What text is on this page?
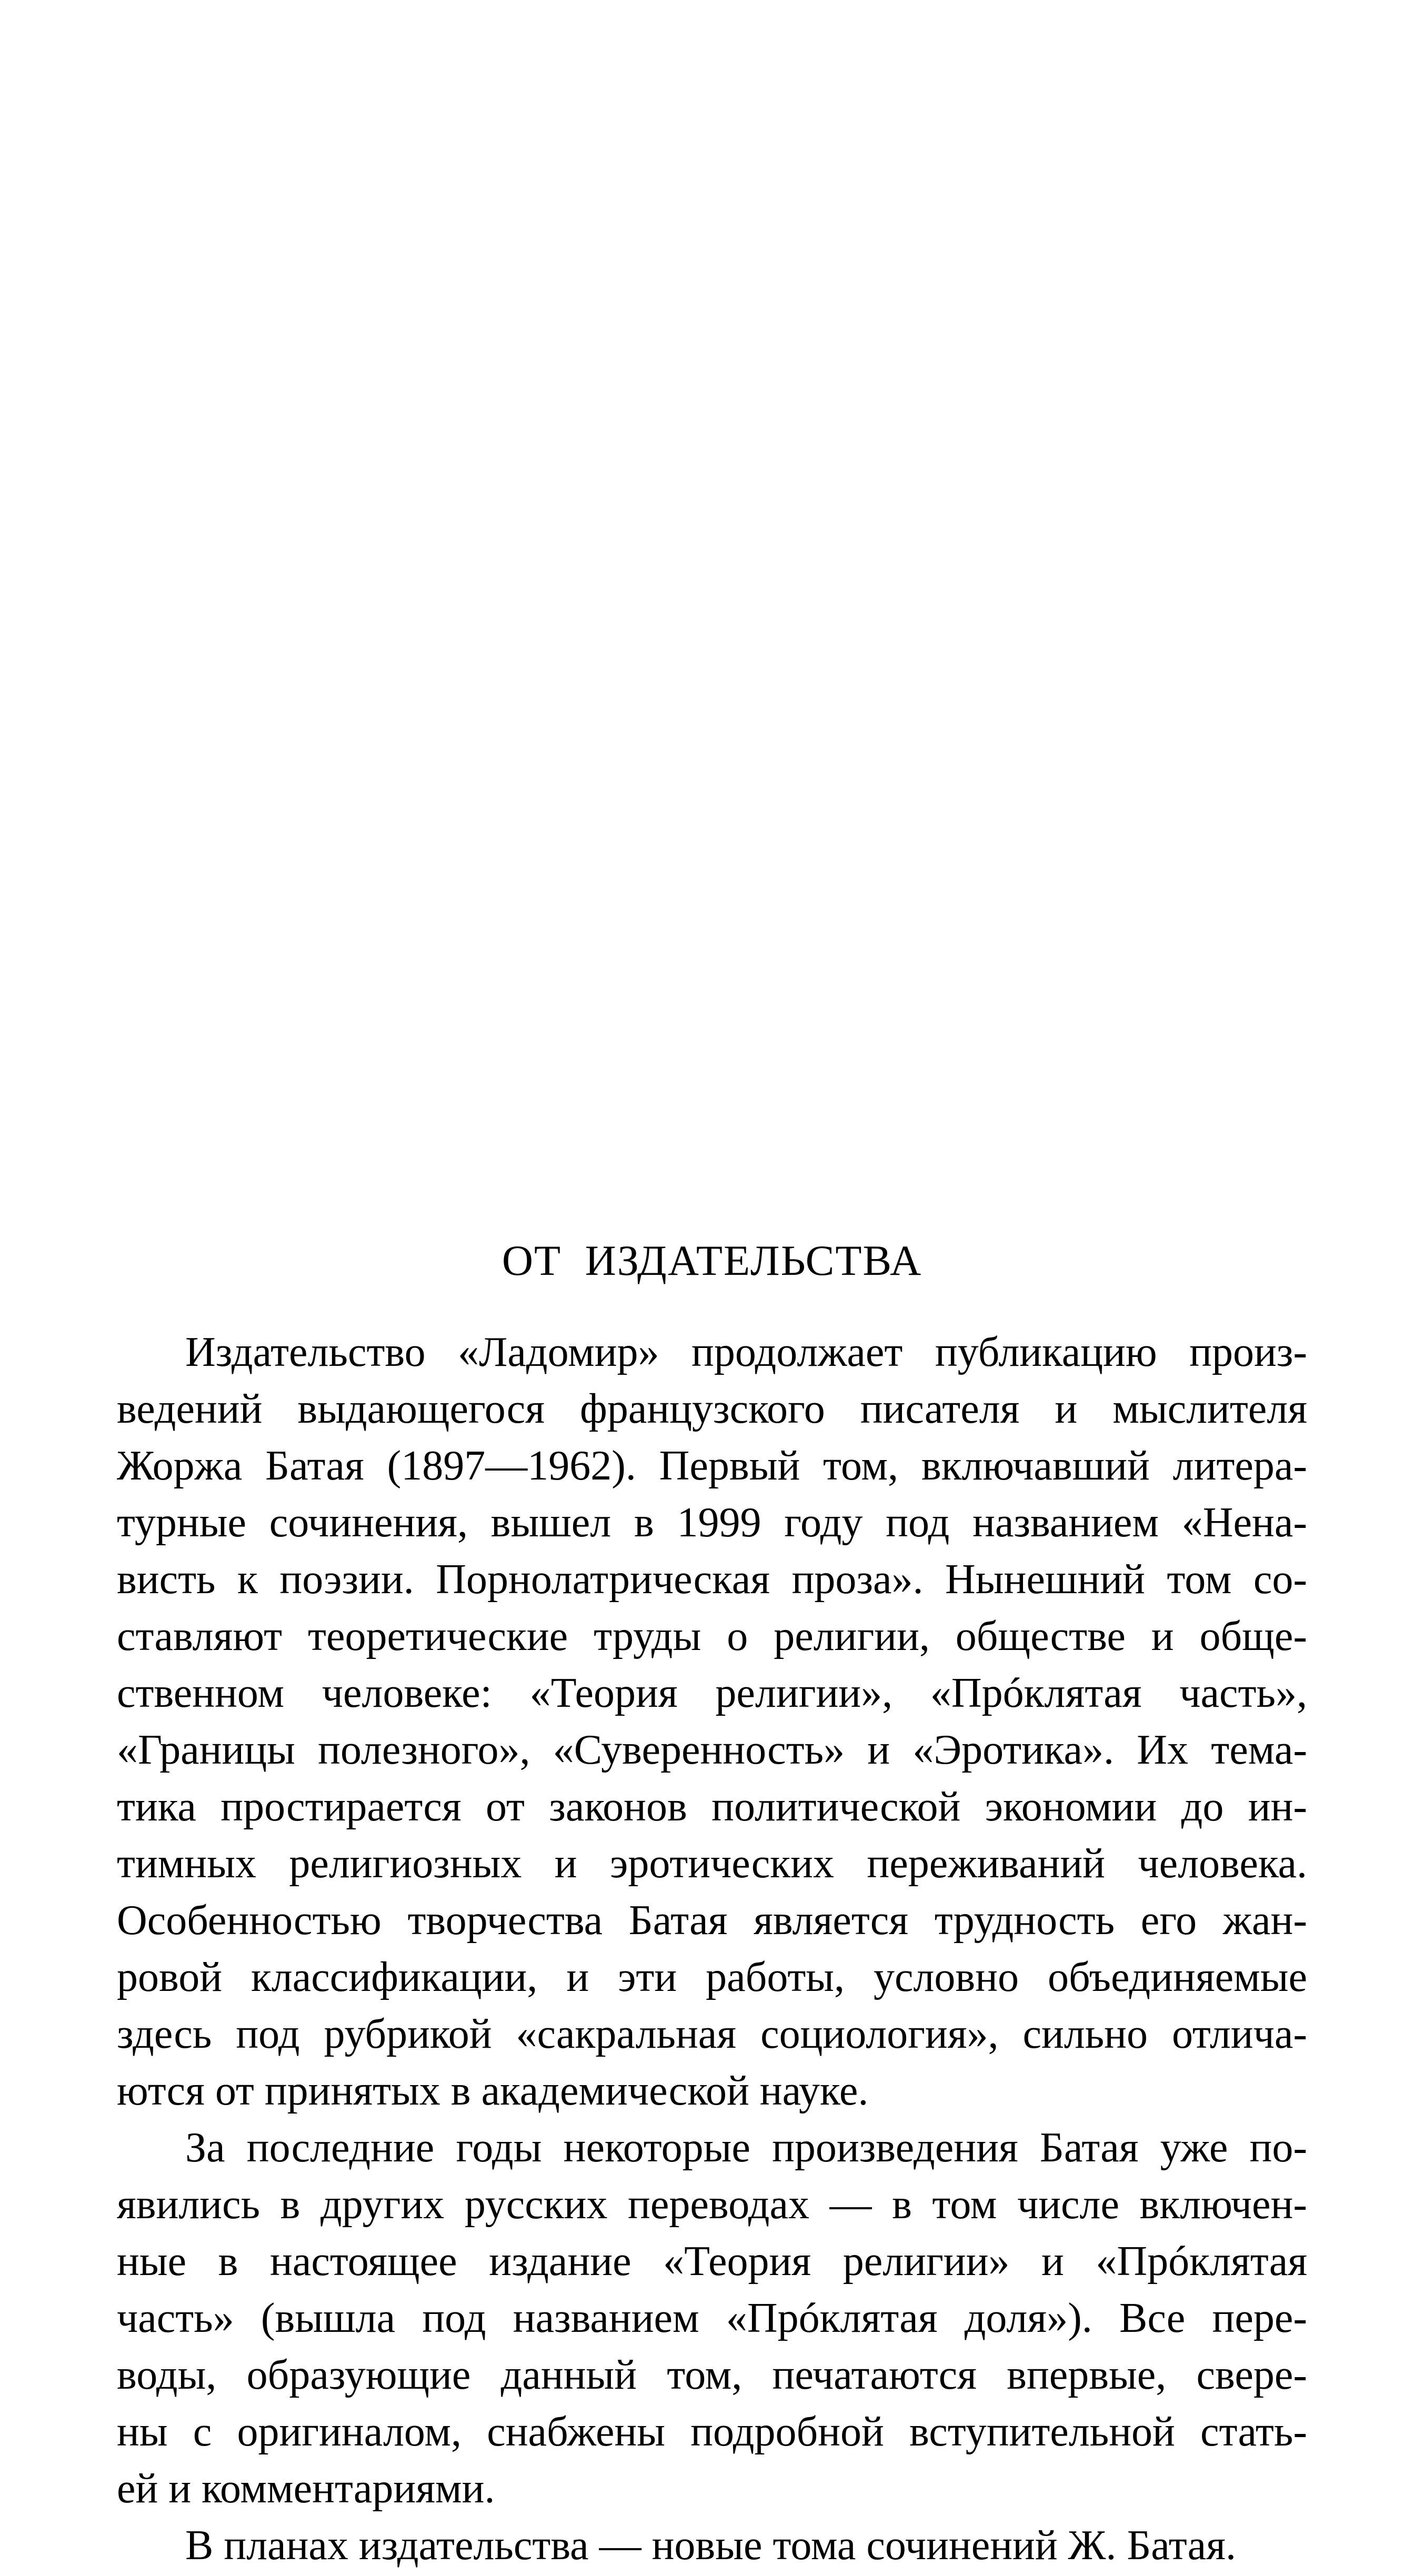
ОТ ИЗДАТЕЛЬСТВА
Издательство «Ладомир» продолжает публикацию произ-
ведений выдающегося французского писателя и мыслителя
Жоржа Батая (1897—1962). Первый том, включавший литера-
турные сочинения, вышел в 1999 году под названием «Нена-
висть к поэзии. Порнолатрическая проза». Нынешний том со-
ставляют теоретические труды о религии, обществе и обще-
ственном человеке: «Теория религии», «Прóклятая часть»,
«Границы полезного», «Суверенность» и «Эротика». Их тема-
тика простирается от законов политической экономии до ин-
тимных религиозных и эротических переживаний человека.
Особенностью творчества Батая является трудность его жан-
ровой классификации, и эти работы, условно объединяемые
здесь под рубрикой «сакральная социология», сильно отлича-
ются от принятых в академической науке.
За последние годы некоторые произведения Батая уже по-
явились в других русских переводах — в том числе включен-
ные в настоящее издание «Теория религии» и «Прóклятая
часть» (вышла под названием «Прóклятая доля»). Все пере-
воды, образующие данный том, печатаются впервые, свере-
ны с оригиналом, снабжены подробной вступительной стать-
ей и комментариями.
В планах издательства — новые тома сочинений Ж. Батая.
